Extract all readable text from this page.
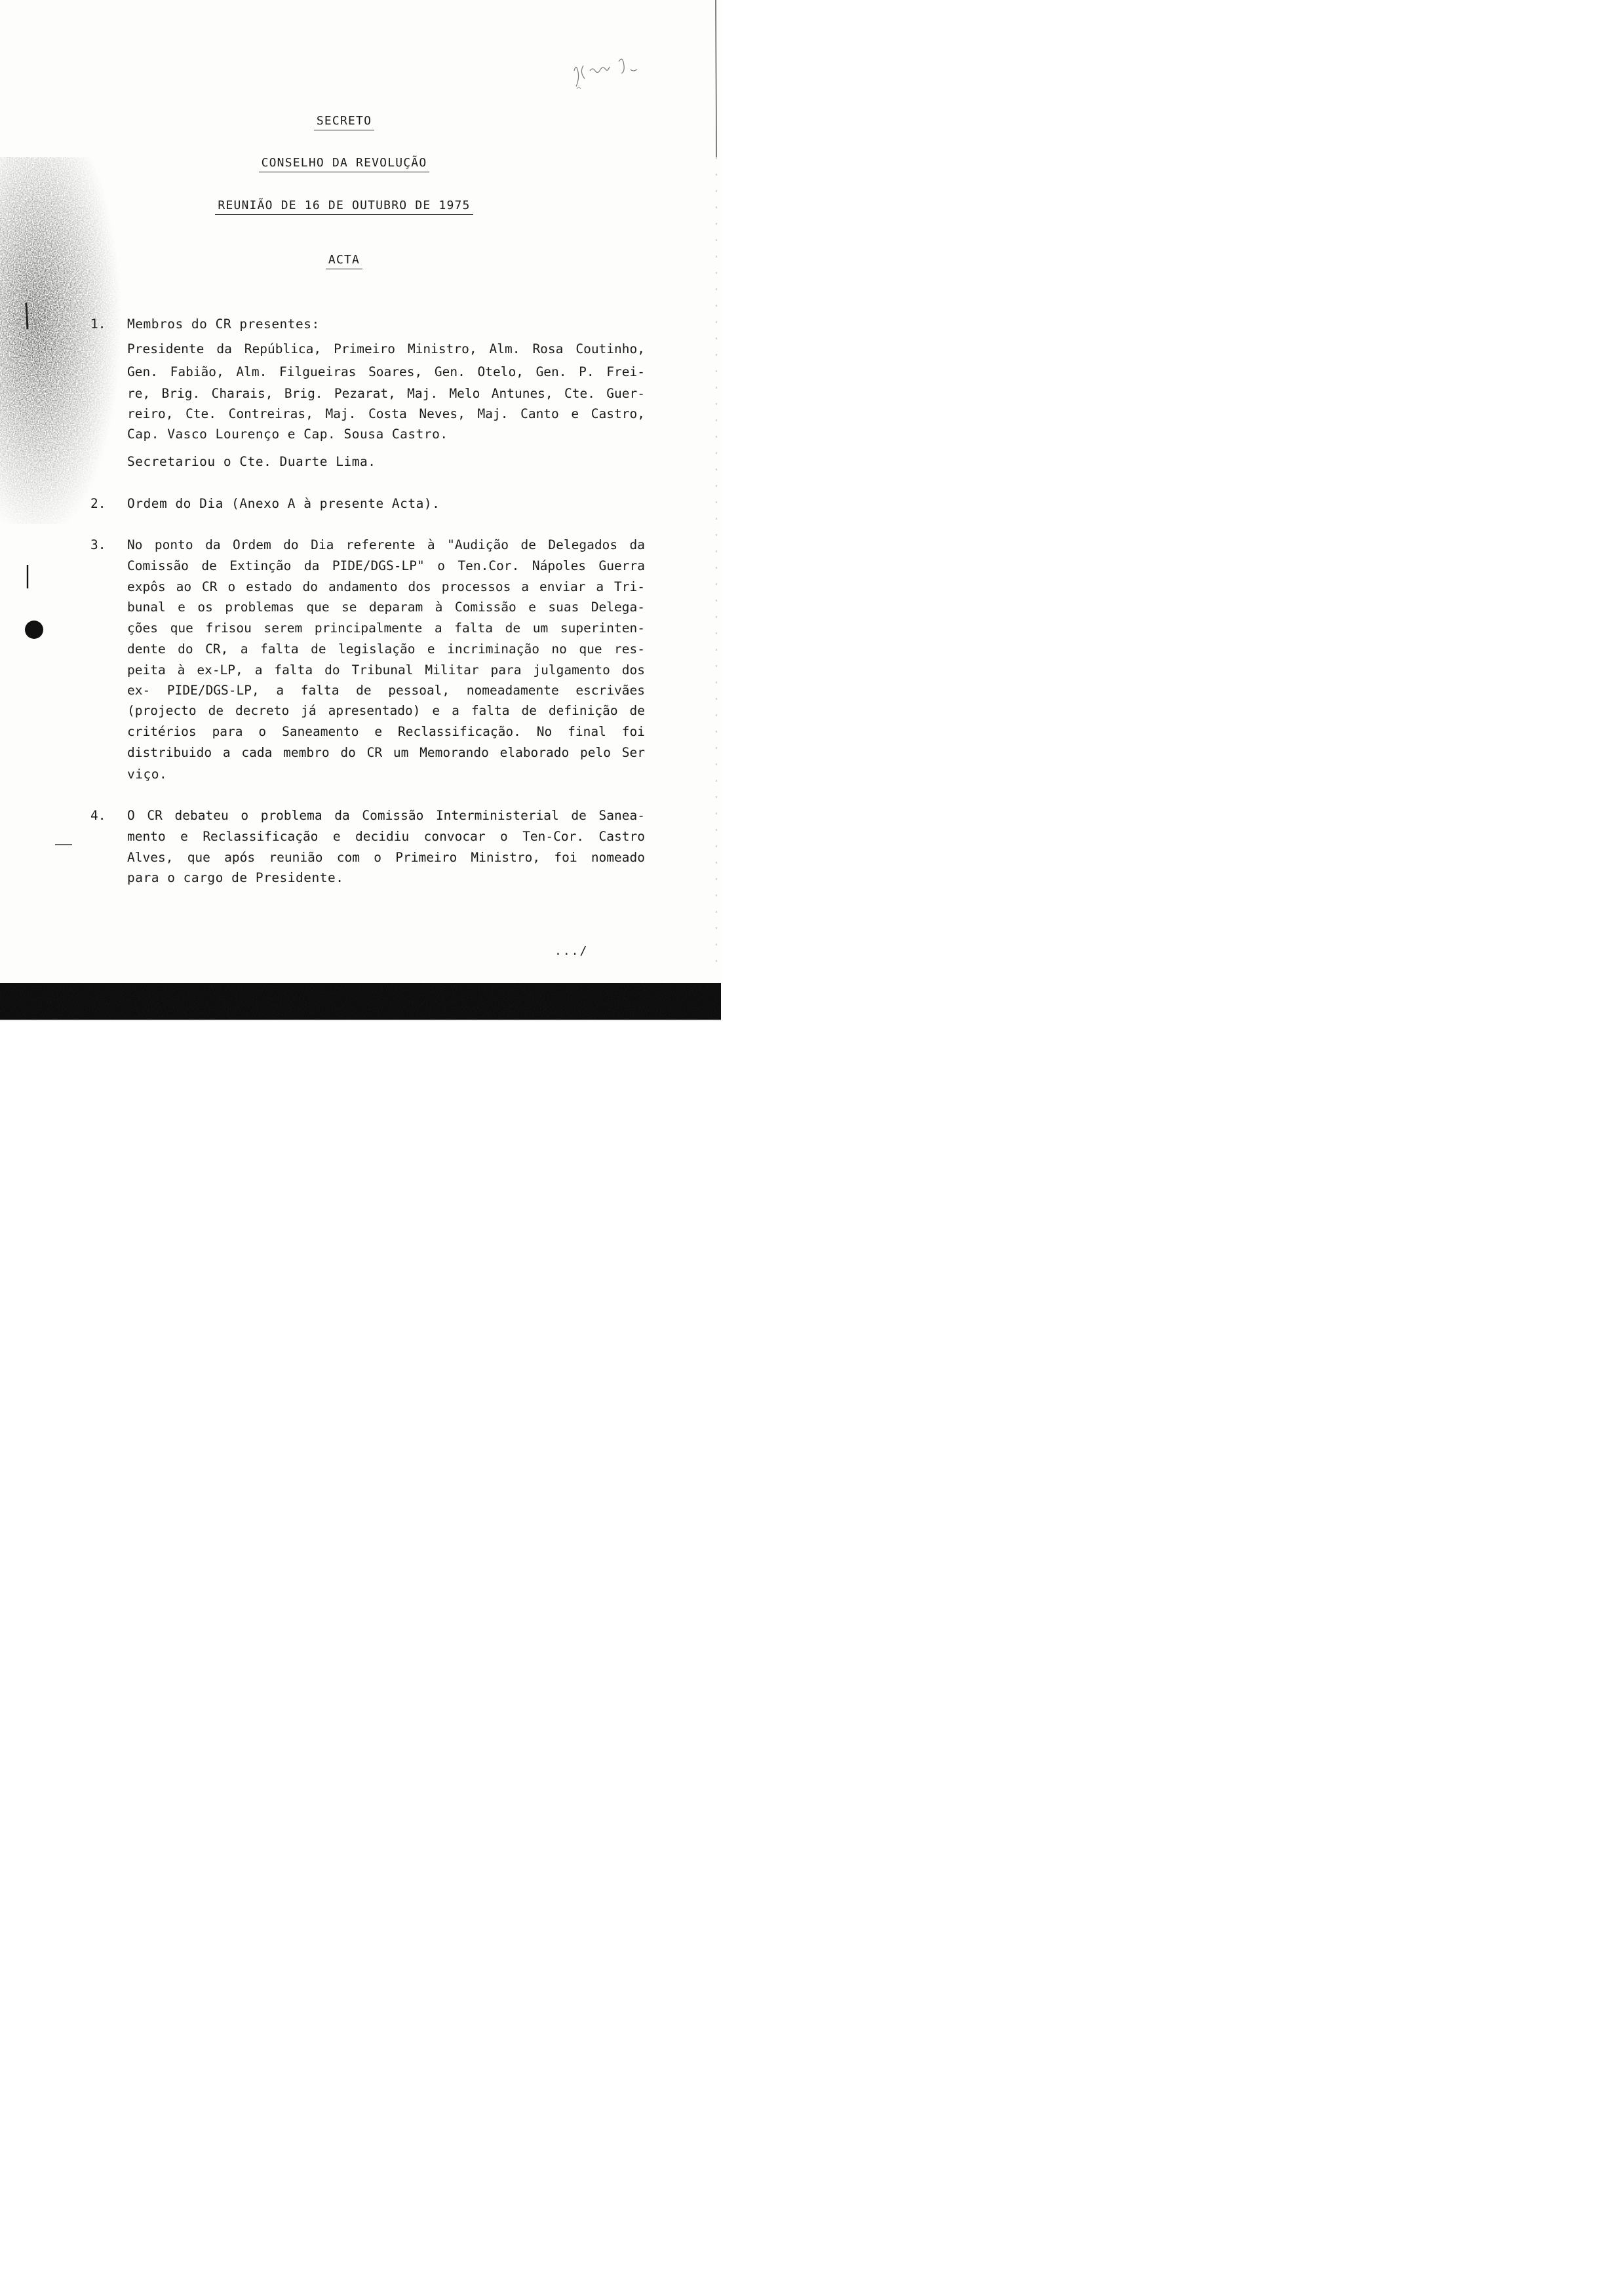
SECRETO
CONSELHO DA REVOLUÇÃO
REUNIÃO DE 16 DE OUTUBRO DE 1975
ACTA
1.
2.
3.
4.
Membros do CR presentes:
Presidente da República, Primeiro Ministro, Alm. Rosa Coutinho,
Gen. Fabião, Alm. Filgueiras Soares, Gen. Otelo, Gen. P. Frei-
re, Brig. Charais, Brig. Pezarat, Maj. Melo Antunes, Cte. Guer-
reiro, Cte. Contreiras, Maj. Costa Neves, Maj. Canto e Castro,
Cap. Vasco Lourenço e Cap. Sousa Castro.
Secretariou o Cte. Duarte Lima.
Ordem do Dia (Anexo A à presente Acta).
No ponto da Ordem do Dia referente à "Audição de Delegados da
Comissão de Extinção da PIDE/DGS-LP" o Ten.Cor. Nápoles Guerra
expôs ao CR o estado do andamento dos processos a enviar a Tri-
bunal e os problemas que se deparam à Comissão e suas Delega-
ções que frisou serem principalmente a falta de um superinten-
dente do CR, a falta de legislação e incriminação no que res-
peita à ex-LP, a falta do Tribunal Militar para julgamento dos
ex- PIDE/DGS-LP, a falta de pessoal, nomeadamente escrivães
(projecto de decreto já apresentado) e a falta de definição de
critérios para o Saneamento e Reclassificação. No final foi
distribuido a cada membro do CR um Memorando elaborado pelo Ser
viço.
O CR debateu o problema da Comissão Interministerial de Sanea-
mento e Reclassificação e decidiu convocar o Ten-Cor. Castro
Alves, que após reunião com o Primeiro Ministro, foi nomeado
para o cargo de Presidente.
.../
